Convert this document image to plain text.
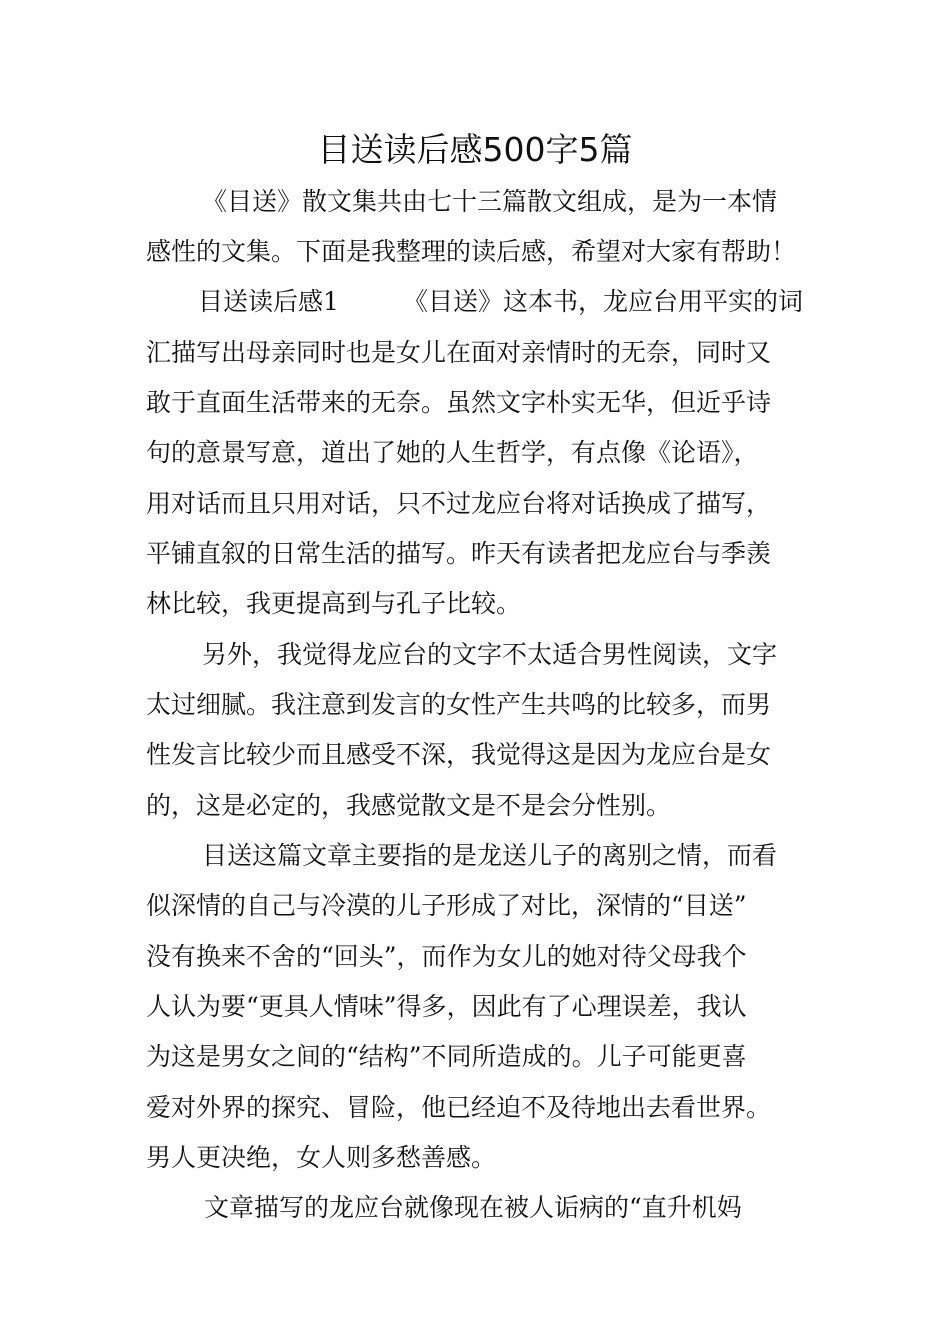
目送读后感500字5篇
《目送》散文集共由七十三篇散文组成，是为一本情
感性的文集。下面是我整理的读后感，希望对大家有帮助！
目送读后感1	《目送》这本书，龙应台用平实的词
汇描写出母亲同时也是女儿在面对亲情时的无奈，同时又
敢于直面生活带来的无奈。虽然文字朴实无华，但近乎诗
句的意景写意，道出了她的人生哲学，有点像《论语》，
用对话而且只用对话，只不过龙应台将对话换成了描写，
平铺直叙的日常生活的描写。昨天有读者把龙应台与季羡
林比较，我更提高到与孔子比较。
另外，我觉得龙应台的文字不太适合男性阅读，文字
太过细腻。我注意到发言的女性产生共鸣的比较多，而男
性发言比较少而且感受不深，我觉得这是因为龙应台是女
的，这是必定的，我感觉散文是不是会分性别。
目送这篇文章主要指的是龙送儿子的离别之情，而看
似深情的自己与冷漠的儿子形成了对比，深情的“目送”
没有换来不舍的“回头”，而作为女儿的她对待父母我个
人认为要“更具人情味”得多，因此有了心理误差，我认
为这是男女之间的“结构”不同所造成的。儿子可能更喜
爱对外界的探究、冒险，他已经迫不及待地出去看世界。
男人更决绝，女人则多愁善感。
文章描写的龙应台就像现在被人诟病的“直升机妈
